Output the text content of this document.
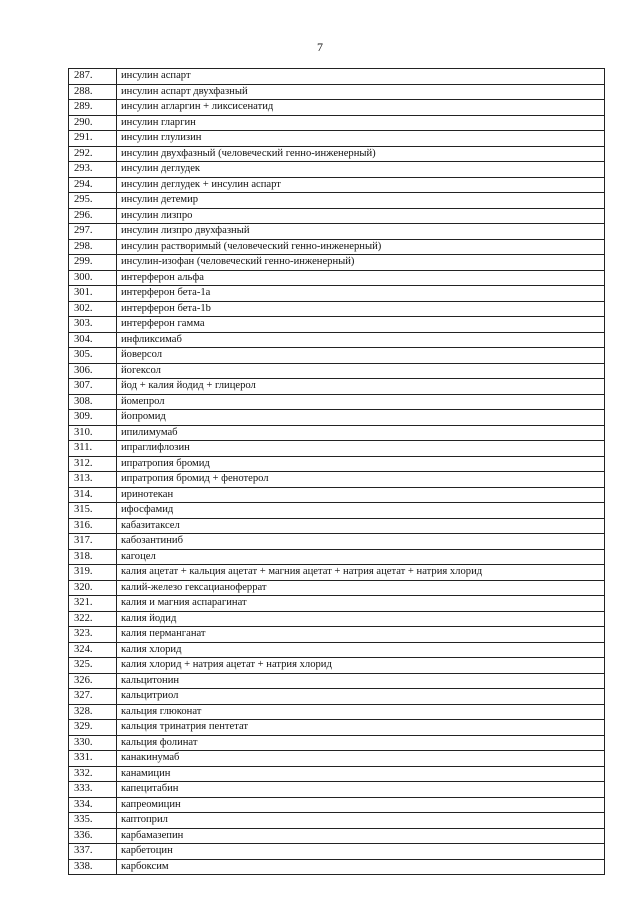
7
287.	инсулин аспарт
288.	инсулин аспарт двухфазный
289.	инсулин агларгин + ликсисенатид
290.	инсулин гларгин
291.	инсулин глулизин
292.	инсулин двухфазный (человеческий генно-инженерный)
293.	инсулин деглудек
294.	инсулин деглудек + инсулин аспарт
295.	инсулин детемир
296.	инсулин лизпро
297.	инсулин лизпро двухфазный
298.	инсулин растворимый (человеческий генно-инженерный)
299.	инсулин-изофан (человеческий генно-инженерный)
300.	интерферон альфа
301.	интерферон бета-1а
302.	интерферон бета-1b
303.	интерферон гамма
304.	инфликсимаб
305.	йоверсол
306.	йогексол
307.	йод + калия йодид + глицерол
308.	йомепрол
309.	йопромид
310.	ипилимумаб
311.	ипраглифлозин
312.	ипратропия бромид
313.	ипратропия бромид + фенотерол
314.	иринотекан
315.	ифосфамид
316.	кабазитаксел
317.	кабозантиниб
318.	кагоцел
319.	калия ацетат + кальция ацетат + магния ацетат + натрия ацетат + натрия хлорид
320.	калий-железо гексацианоферрат
321.	калия и магния аспарагинат
322.	калия йодид
323.	калия перманганат
324.	калия хлорид
325.	калия хлорид + натрия ацетат + натрия хлорид
326.	кальцитонин
327.	кальцитриол
328.	кальция глюконат
329.	кальция тринатрия пентетат
330.	кальция фолинат
331.	канакинумаб
332.	канамицин
333.	капецитабин
334.	капреомицин
335.	каптоприл
336.	карбамазепин
337.	карбетоцин
338.	карбоксим
